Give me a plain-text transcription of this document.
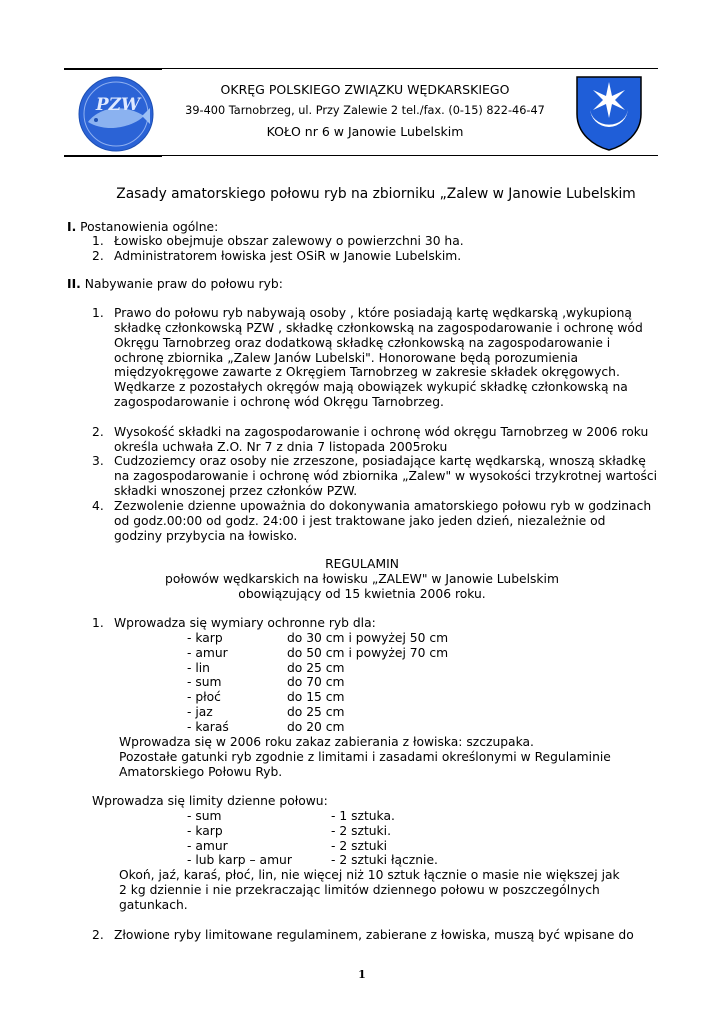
PZW
OKRĘG POLSKIEGO ZWIĄZKU WĘDKARSKIEGO
39-400 Tarnobrzeg, ul. Przy Zalewie 2 tel./fax. (0-15) 822-46-47
KOŁO nr 6 w Janowie Lubelskim
Zasady amatorskiego połowu ryb na zbiorniku „Zalew w Janowie Lubelskim
I. Postanowienia ogólne:
1. Łowisko obejmuje obszar zalewowy o powierzchni 30 ha.
2. Administratorem łowiska jest OSiR w Janowie Lubelskim.
II. Nabywanie praw do połowu ryb:
1. Prawo do połowu ryb nabywają osoby , które posiadają kartę wędkarską ,wykupioną
składkę członkowską PZW , składkę członkowską na zagospodarowanie i ochronę wód
Okręgu Tarnobrzeg oraz dodatkową składkę członkowską na zagospodarowanie i
ochronę zbiornika „Zalew Janów Lubelski". Honorowane będą porozumienia
międzyokręgowe zawarte z Okręgiem Tarnobrzeg w zakresie składek okręgowych.
Wędkarze z pozostałych okręgów mają obowiązek wykupić składkę członkowską na
zagospodarowanie i ochronę wód Okręgu Tarnobrzeg.
2. Wysokość składki na zagospodarowanie i ochronę wód okręgu Tarnobrzeg w 2006 roku
określa uchwała Z.O. Nr 7 z dnia 7 listopada 2005roku
3. Cudzoziemcy oraz osoby nie zrzeszone, posiadające kartę wędkarską, wnoszą składkę
na zagospodarowanie i ochronę wód zbiornika „Zalew" w wysokości trzykrotnej wartości
składki wnoszonej przez członków PZW.
4. Zezwolenie dzienne upoważnia do dokonywania amatorskiego połowu ryb w godzinach
od godz.00:00 od godz. 24:00 i jest traktowane jako jeden dzień, niezależnie od
godziny przybycia na łowisko.
REGULAMIN
połowów wędkarskich na łowisku „ZALEW" w Janowie Lubelskim
obowiązujący od 15 kwietnia 2006 roku.
1. Wprowadza się wymiary ochronne ryb dla:
- karp	do 30 cm i powyżej 50 cm
- amur	do 50 cm i powyżej 70 cm
- lin	do 25 cm
- sum	do 70 cm
- płoć	do 15 cm
- jaz	do 25 cm
- karaś	do 20 cm
Wprowadza się w 2006 roku zakaz zabierania z łowiska: szczupaka.
Pozostałe gatunki ryb zgodnie z limitami i zasadami określonymi w Regulaminie
Amatorskiego Połowu Ryb.
Wprowadza się limity dzienne połowu:
- sum	- 1 sztuka.
- karp	- 2 sztuki.
- amur	- 2 sztuki
- lub karp – amur	- 2 sztuki łącznie.
Okoń, jaź, karaś, płoć, lin, nie więcej niż 10 sztuk łącznie o masie nie większej jak
2 kg dziennie i nie przekraczając limitów dziennego połowu w poszczególnych
gatunkach.
2. Złowione ryby limitowane regulaminem, zabierane z łowiska, muszą być wpisane do
1
